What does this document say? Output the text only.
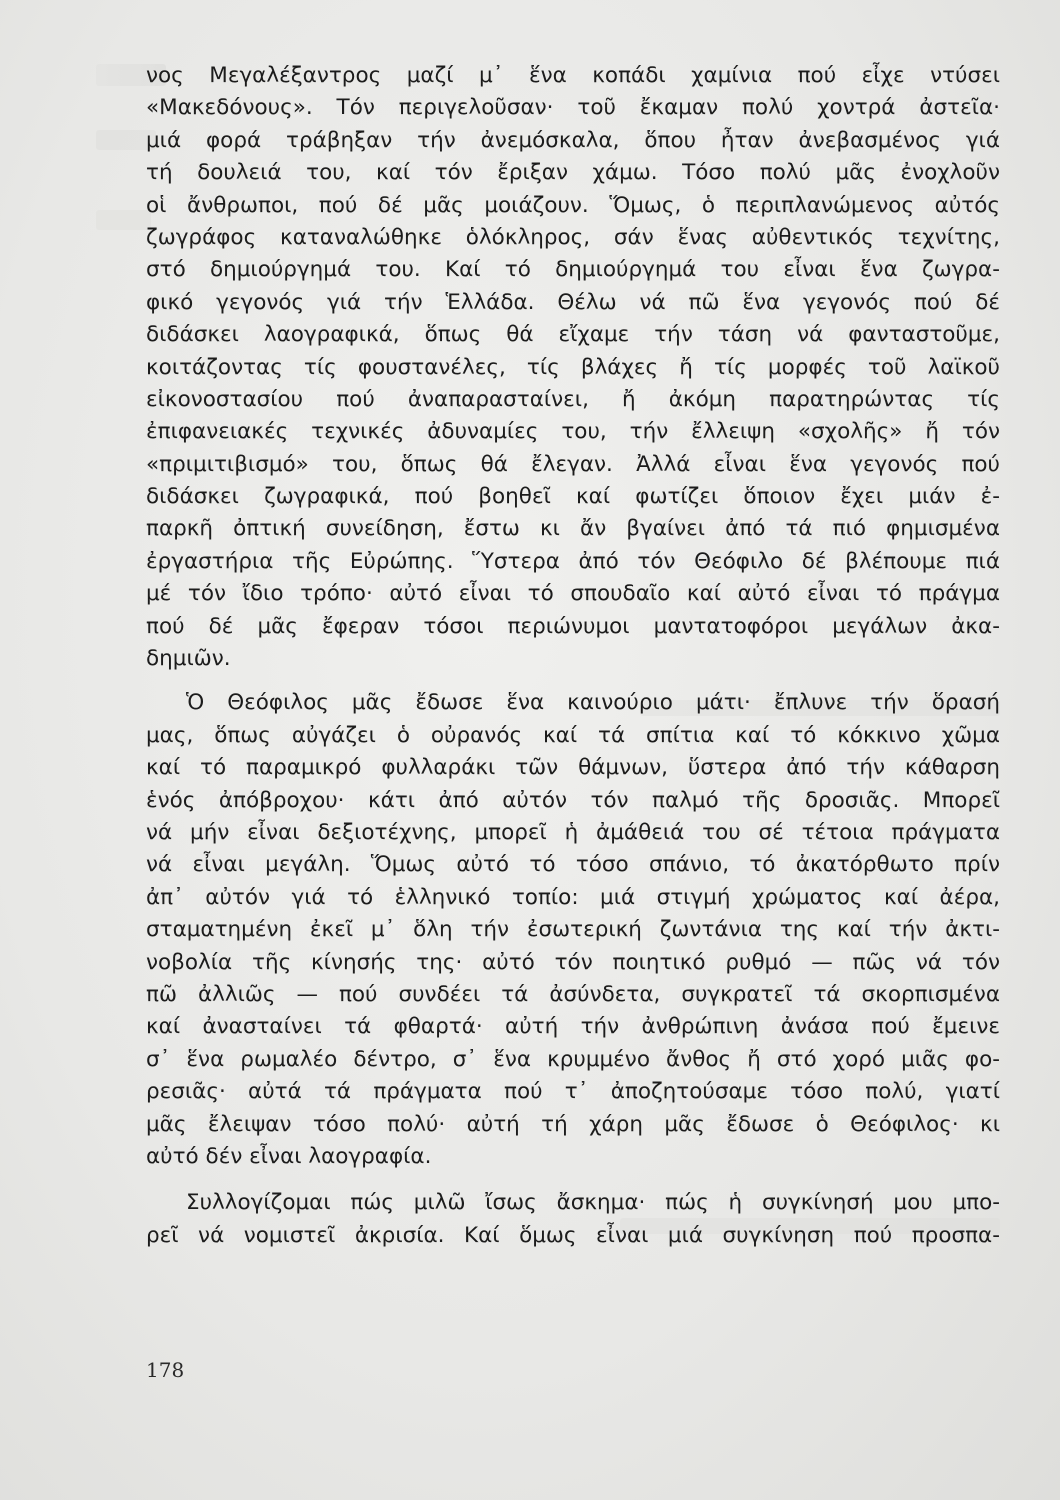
νος Μεγαλέξαντρος μαζί μ᾽ ἕνα κοπάδι χαμίνια πού εἶχε ντύσει
«Μακεδόνους». Τόν περιγελοῦσαν· τοῦ ἔκαμαν πολύ χοντρά ἀστεῖα·
μιά φορά τράβηξαν τήν ἀνεμόσκαλα, ὅπου ἦταν ἀνεβασμένος γιά
τή δουλειά του, καί τόν ἔριξαν χάμω. Τόσο πολύ μᾶς ἐνοχλοῦν
οἱ ἄνθρωποι, πού δέ μᾶς μοιάζουν. Ὅμως, ὁ περιπλανώμενος αὐτός
ζωγράφος καταναλώθηκε ὁλόκληρος, σάν ἕνας αὐθεντικός τεχνίτης,
στό δημιούργημά του. Καί τό δημιούργημά του εἶναι ἕνα ζωγρα-
φικό γεγονός γιά τήν Ἑλλάδα. Θέλω νά πῶ ἕνα γεγονός πού δέ
διδάσκει λαογραφικά, ὅπως θά εἴχαμε τήν τάση νά φανταστοῦμε,
κοιτάζοντας τίς φουστανέλες, τίς βλάχες ἤ τίς μορφές τοῦ λαϊκοῦ
εἰκονοστασίου πού ἀναπαρασταίνει, ἤ ἀκόμη παρατηρώντας τίς
ἐπιφανειακές τεχνικές ἀδυναμίες του, τήν ἔλλειψη «σχολῆς» ἤ τόν
«πριμιτιβισμό» του, ὅπως θά ἔλεγαν. Ἀλλά εἶναι ἕνα γεγονός πού
διδάσκει ζωγραφικά, πού βοηθεῖ καί φωτίζει ὅποιον ἔχει μιάν ἐ-
παρκῆ ὀπτική συνείδηση, ἔστω κι ἄν βγαίνει ἀπό τά πιό φημισμένα
ἐργαστήρια τῆς Εὐρώπης. Ὕστερα ἀπό τόν Θεόφιλο δέ βλέπουμε πιά
μέ τόν ἴδιο τρόπο· αὐτό εἶναι τό σπουδαῖο καί αὐτό εἶναι τό πράγμα
πού δέ μᾶς ἔφεραν τόσοι περιώνυμοι μαντατοφόροι μεγάλων ἀκα-
δημιῶν.
Ὁ Θεόφιλος μᾶς ἔδωσε ἕνα καινούριο μάτι· ἔπλυνε τήν ὅρασή
μας, ὅπως αὐγάζει ὁ οὐρανός καί τά σπίτια καί τό κόκκινο χῶμα
καί τό παραμικρό φυλλαράκι τῶν θάμνων, ὕστερα ἀπό τήν κάθαρση
ἑνός ἀπόβροχου· κάτι ἀπό αὐτόν τόν παλμό τῆς δροσιᾶς. Μπορεῖ
νά μήν εἶναι δεξιοτέχνης, μπορεῖ ἡ ἀμάθειά του σέ τέτοια πράγματα
νά εἶναι μεγάλη. Ὅμως αὐτό τό τόσο σπάνιο, τό ἀκατόρθωτο πρίν
ἀπ᾽ αὐτόν γιά τό ἑλληνικό τοπίο: μιά στιγμή χρώματος καί ἀέρα,
σταματημένη ἐκεῖ μ᾽ ὅλη τήν ἐσωτερική ζωντάνια της καί τήν ἀκτι-
νοβολία τῆς κίνησής της· αὐτό τόν ποιητικό ρυθμό — πῶς νά τόν
πῶ ἀλλιῶς — πού συνδέει τά ἀσύνδετα, συγκρατεῖ τά σκορπισμένα
καί ἀνασταίνει τά φθαρτά· αὐτή τήν ἀνθρώπινη ἀνάσα πού ἔμεινε
σ᾽ ἕνα ρωμαλέο δέντρο, σ᾽ ἕνα κρυμμένο ἄνθος ἤ στό χορό μιᾶς φο-
ρεσιᾶς· αὐτά τά πράγματα πού τ᾽ ἀποζητούσαμε τόσο πολύ, γιατί
μᾶς ἔλειψαν τόσο πολύ· αὐτή τή χάρη μᾶς ἔδωσε ὁ Θεόφιλος· κι
αὐτό δέν εἶναι λαογραφία.
Συλλογίζομαι πώς μιλῶ ἴσως ἄσκημα· πώς ἡ συγκίνησή μου μπο-
ρεῖ νά νομιστεῖ ἀκρισία. Καί ὅμως εἶναι μιά συγκίνηση πού προσπα-
178
